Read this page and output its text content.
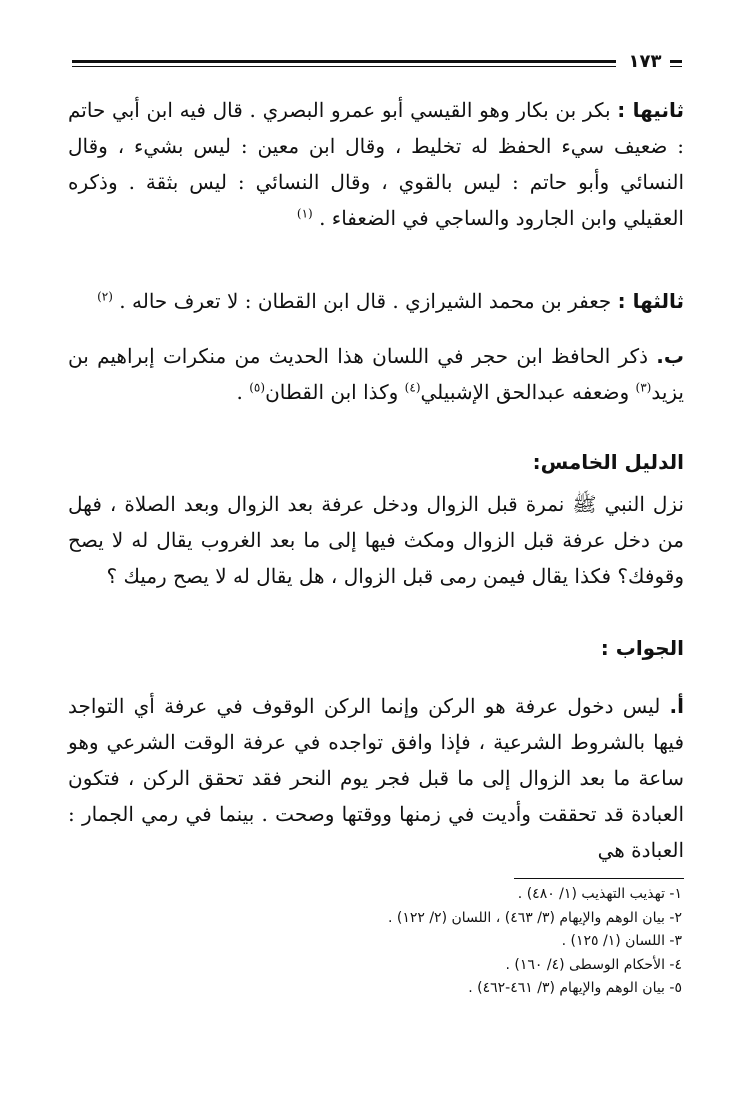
١٧٣

ثانيها : بكر بن بكار وهو القيسي أبو عمرو البصري . قال فيه ابن أبي حاتم : ضعيف سيء الحفظ له تخليط ، وقال ابن معين : ليس بشيء ، وقال النسائي وأبو حاتم : ليس بالقوي ، وقال النسائي : ليس بثقة . وذكره العقيلي وابن الجارود والساجي في الضعفاء . $^{(١)}$

ثالثها : جعفر بن محمد الشيرازي . قال ابن القطان : لا تعرف حاله . $^{(٢)}$

ب. ذكر الحافظ ابن حجر في اللسان هذا الحديث من منكرات إبراهيم بن يزيد$^{(٣)}$ وضعفه عبدالحق الإشبيلي$^{(٤)}$ وكذا ابن القطان$^{(٥)}$ .

الدليل الخامس:

نزل النبي ﷺ نمرة قبل الزوال ودخل عرفة بعد الزوال وبعد الصلاة ، فهل من دخل عرفة قبل الزوال ومكث فيها إلى ما بعد الغروب يقال له لا يصح وقوفك؟ فكذا يقال فيمن رمى قبل الزوال ، هل يقال له لا يصح رميك ؟

الجواب :

أ. ليس دخول عرفة هو الركن وإنما الركن الوقوف في عرفة أي التواجد فيها بالشروط الشرعية ، فإذا وافق تواجده في عرفة الوقت الشرعي وهو ساعة ما بعد الزوال إلى ما قبل فجر يوم النحر فقد تحقق الركن ، فتكون العبادة قد تحققت وأديت في زمنها ووقتها وصحت . بينما في رمي الجمار : العبادة هي

١- تهذيب التهذيب (١/ ٤٨٠) .
٢- بيان الوهم والإيهام (٣/ ٤٦٣) ، اللسان (٢/ ١٢٢) .
٣- اللسان (١/ ١٢٥) .
٤- الأحكام الوسطى (٤/ ١٦٠) .
٥- بيان الوهم والإيهام (٣/ ٤٦١-٤٦٢) .
